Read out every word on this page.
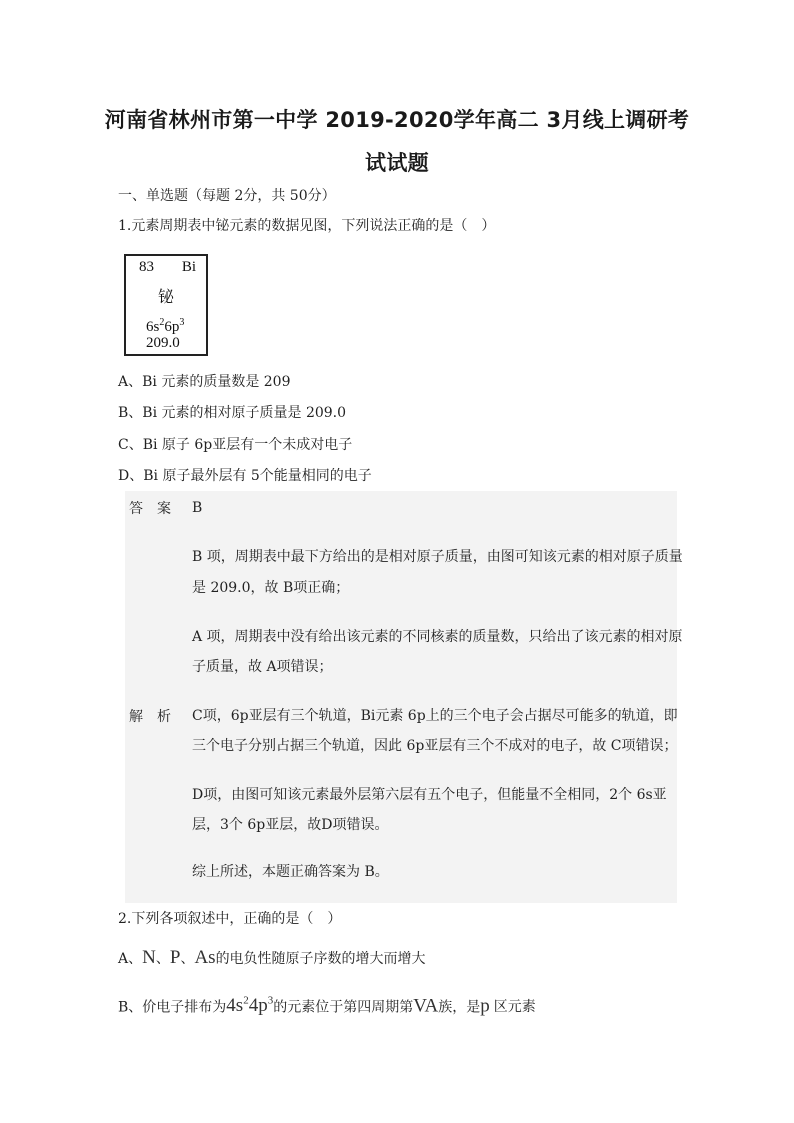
河南省林州市第一中学 2019-2020学年高二 3月线上调研考
试试题
一、单选题（每题 2分，共 50分）
1.元素周期表中铋元素的数据见图，下列说法正确的是（　）
83 Bi
铋
$6s^26p^3$
209.0
A、Bi 元素的质量数是 209
B、Bi 元素的相对原子质量是 209.0
C、Bi 原子 6p亚层有一个未成对电子
D、Bi 原子最外层有 5个能量相同的电子
答　案 B
解　析
B 项，周期表中最下方给出的是相对原子质量，由图可知该元素的相对原子质量
是 209.0，故 B项正确；
A 项，周期表中没有给出该元素的不同核素的质量数，只给出了该元素的相对原
子质量，故 A项错误；
C项，6p亚层有三个轨道，Bi元素 6p上的三个电子会占据尽可能多的轨道，即
三个电子分别占据三个轨道，因此 6p亚层有三个不成对的电子，故 C项错误；
D项，由图可知该元素最外层第六层有五个电子，但能量不全相同，2个 6s亚
层，3个 6p亚层，故D项错误。
综上所述，本题正确答案为 B。
2.下列各项叙述中，正确的是（　）
A、N、P、As的电负性随原子序数的增大而增大
B、价电子排布为$4s^24p^3$的元素位于第四周期第VA族，是p 区元素
